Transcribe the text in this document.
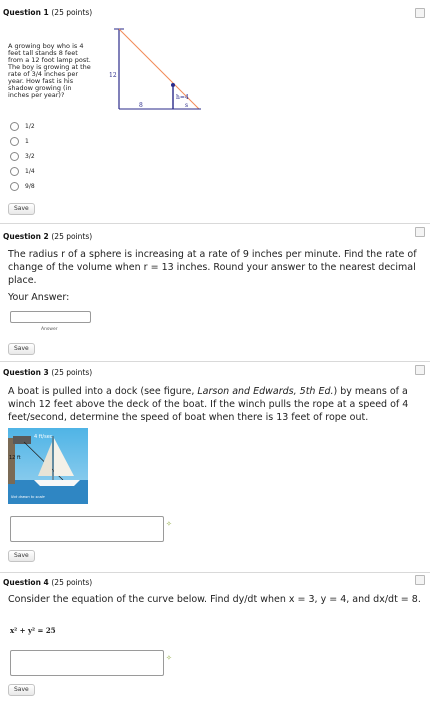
Question 1 (25 points)
A growing boy who is 4 feet tall stands 8 feet from a 12 foot lamp post. The boy is growing at the rate of 3/4 inches per year. How fast is his shadow growing (in inches per year)?
12
8
h=4
s
1/2
1
3/2
1/4
9/8
Save
Question 2 (25 points)
The radius r of a sphere is increasing at a rate of 9 inches per minute. Find the rate of change of the volume when r = 13 inches. Round your answer to the nearest decimal place.
Your Answer:
Answer
Save
Question 3 (25 points)
A boat is pulled into a dock (see figure, Larson and Edwards, 5th Ed.) by means of a winch 12 feet above the deck of the boat. If the winch pulls the rope at a speed of 4 feet/second, determine the speed of boat when there is 13 feet of rope out.
4 ft/sec
12 ft
Not drawn to scale
✧
Save
Question 4 (25 points)
Consider the equation of the curve below. Find dy/dt when x = 3, y = 4, and dx/dt = 8.
x² + y² = 25
✧
Save
